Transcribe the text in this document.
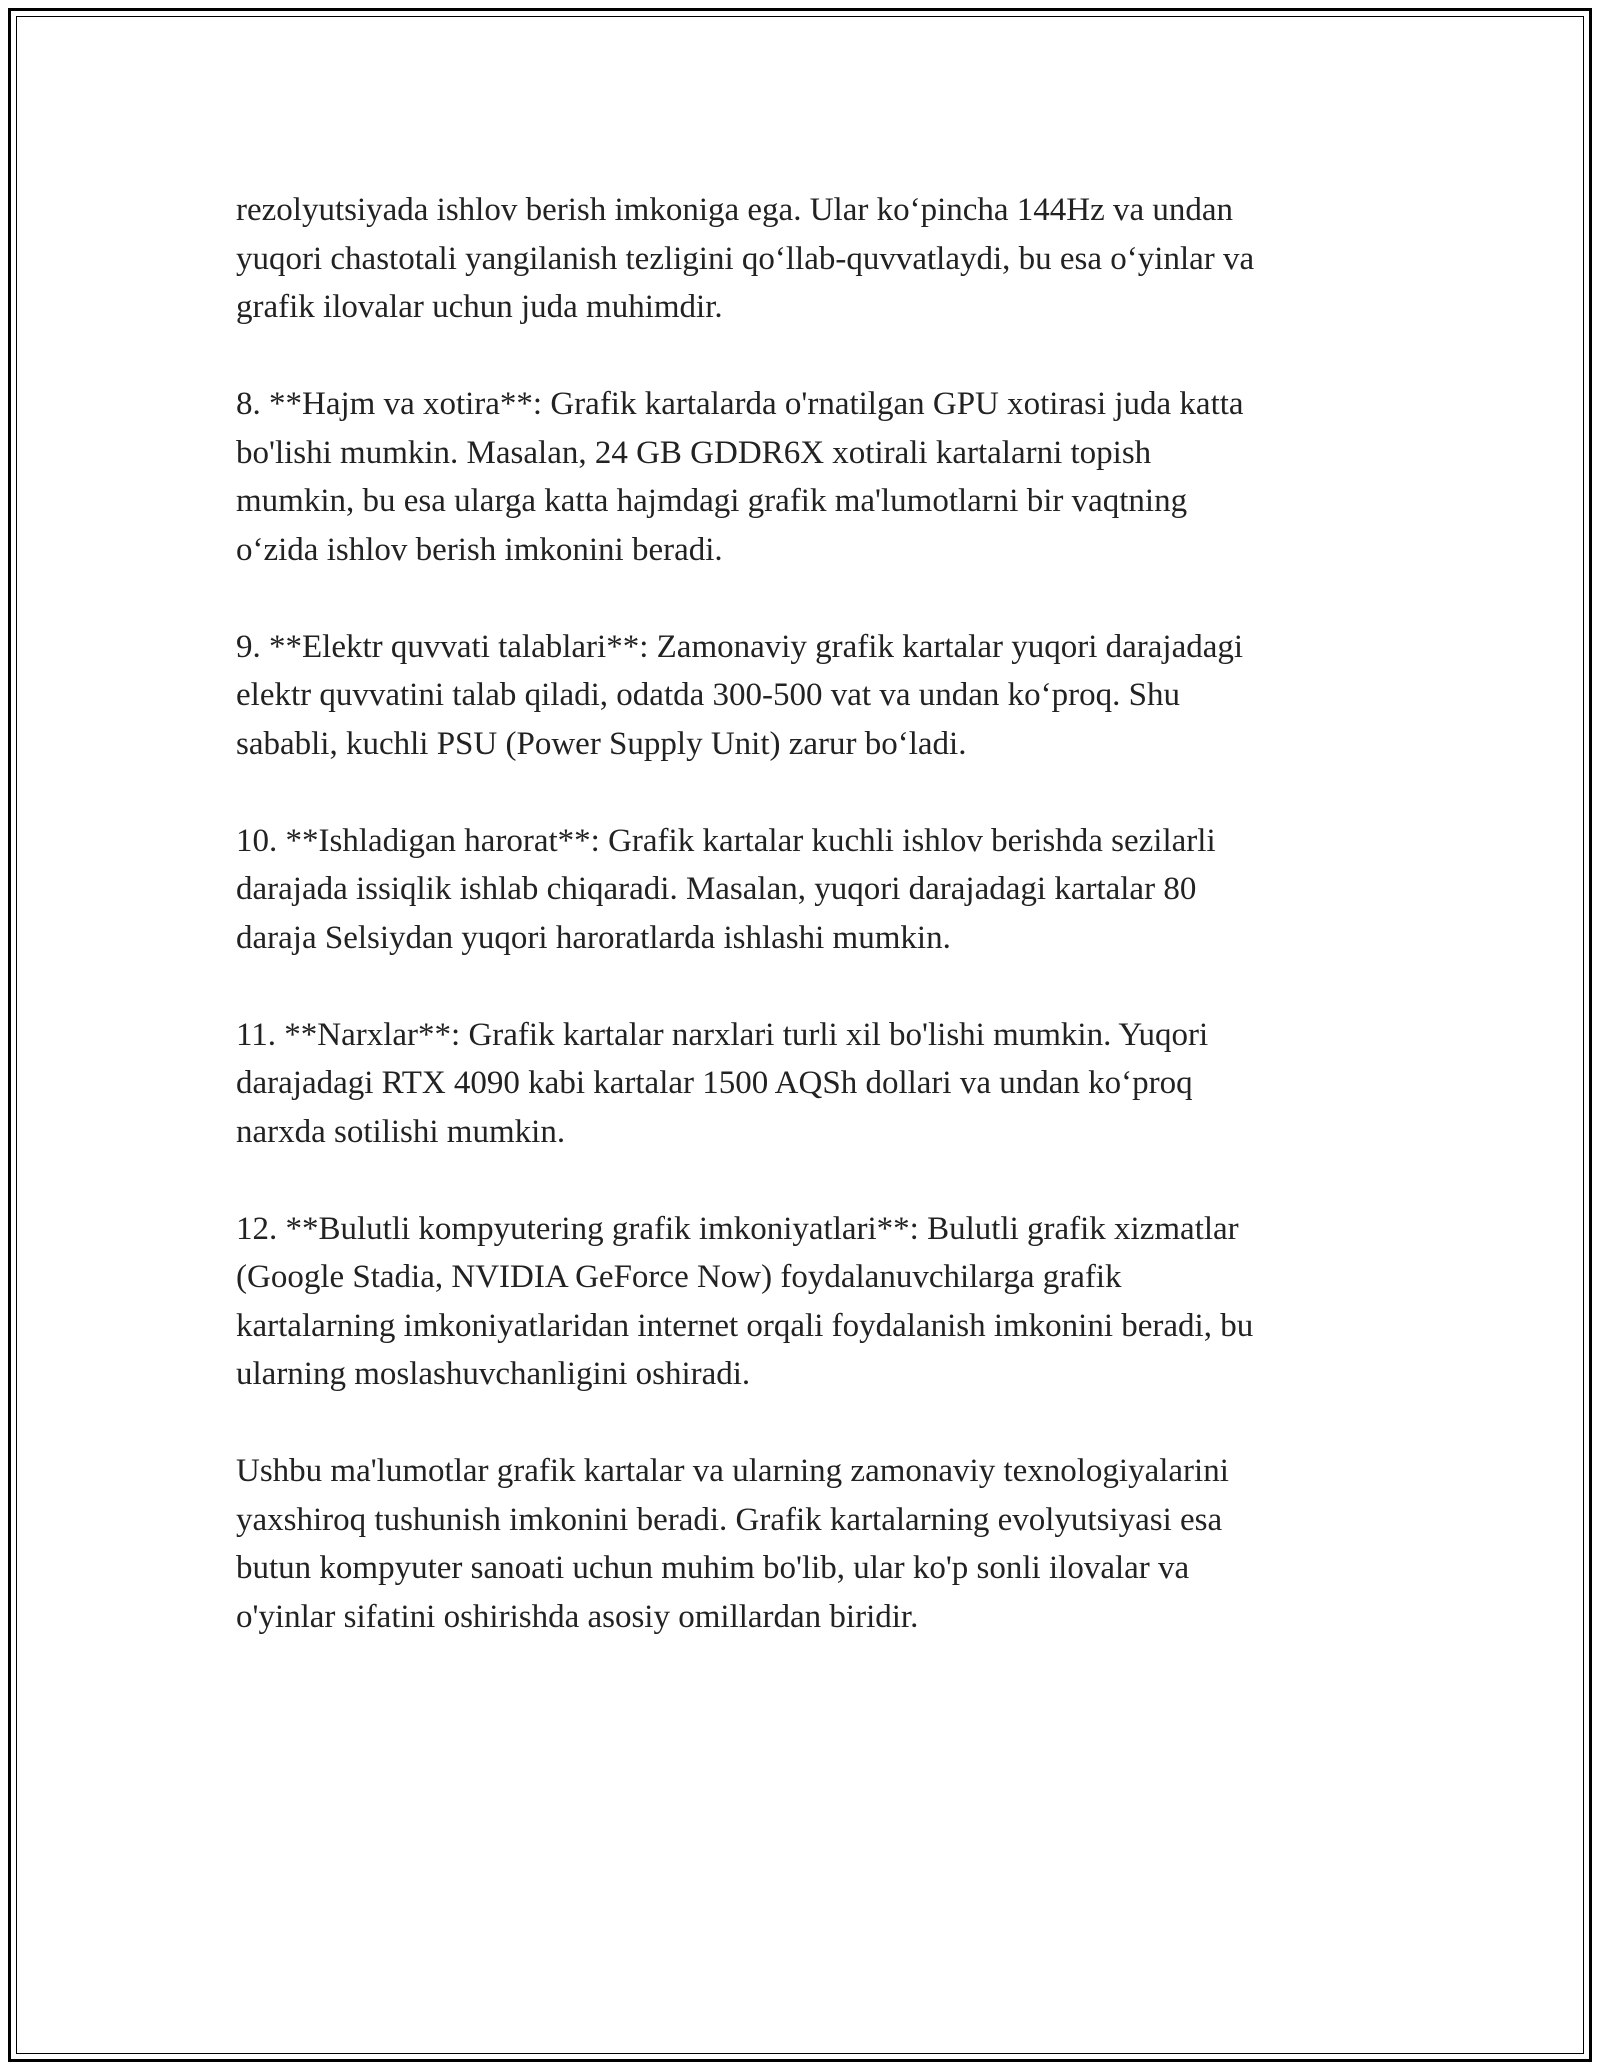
rezolyutsiyada ishlov berish imkoniga ega. Ular ko‘pincha 144Hz va undan
yuqori chastotali yangilanish tezligini qo‘llab-quvvatlaydi, bu esa o‘yinlar va
grafik ilovalar uchun juda muhimdir.

8. **Hajm va xotira**: Grafik kartalarda o'rnatilgan GPU xotirasi juda katta
bo'lishi mumkin. Masalan, 24 GB GDDR6X xotirali kartalarni topish
mumkin, bu esa ularga katta hajmdagi grafik ma'lumotlarni bir vaqtning
o‘zida ishlov berish imkonini beradi.

9. **Elektr quvvati talablari**: Zamonaviy grafik kartalar yuqori darajadagi
elektr quvvatini talab qiladi, odatda 300-500 vat va undan ko‘proq. Shu
sababli, kuchli PSU (Power Supply Unit) zarur bo‘ladi.

10. **Ishladigan harorat**: Grafik kartalar kuchli ishlov berishda sezilarli
darajada issiqlik ishlab chiqaradi. Masalan, yuqori darajadagi kartalar 80
daraja Selsiydan yuqori haroratlarda ishlashi mumkin.

11. **Narxlar**: Grafik kartalar narxlari turli xil bo'lishi mumkin. Yuqori
darajadagi RTX 4090 kabi kartalar 1500 AQSh dollari va undan ko‘proq
narxda sotilishi mumkin.

12. **Bulutli kompyutering grafik imkoniyatlari**: Bulutli grafik xizmatlar
(Google Stadia, NVIDIA GeForce Now) foydalanuvchilarga grafik
kartalarning imkoniyatlaridan internet orqali foydalanish imkonini beradi, bu
ularning moslashuvchanligini oshiradi.

Ushbu ma'lumotlar grafik kartalar va ularning zamonaviy texnologiyalarini
yaxshiroq tushunish imkonini beradi. Grafik kartalarning evolyutsiyasi esa
butun kompyuter sanoati uchun muhim bo'lib, ular ko'p sonli ilovalar va
o'yinlar sifatini oshirishda asosiy omillardan biridir.
